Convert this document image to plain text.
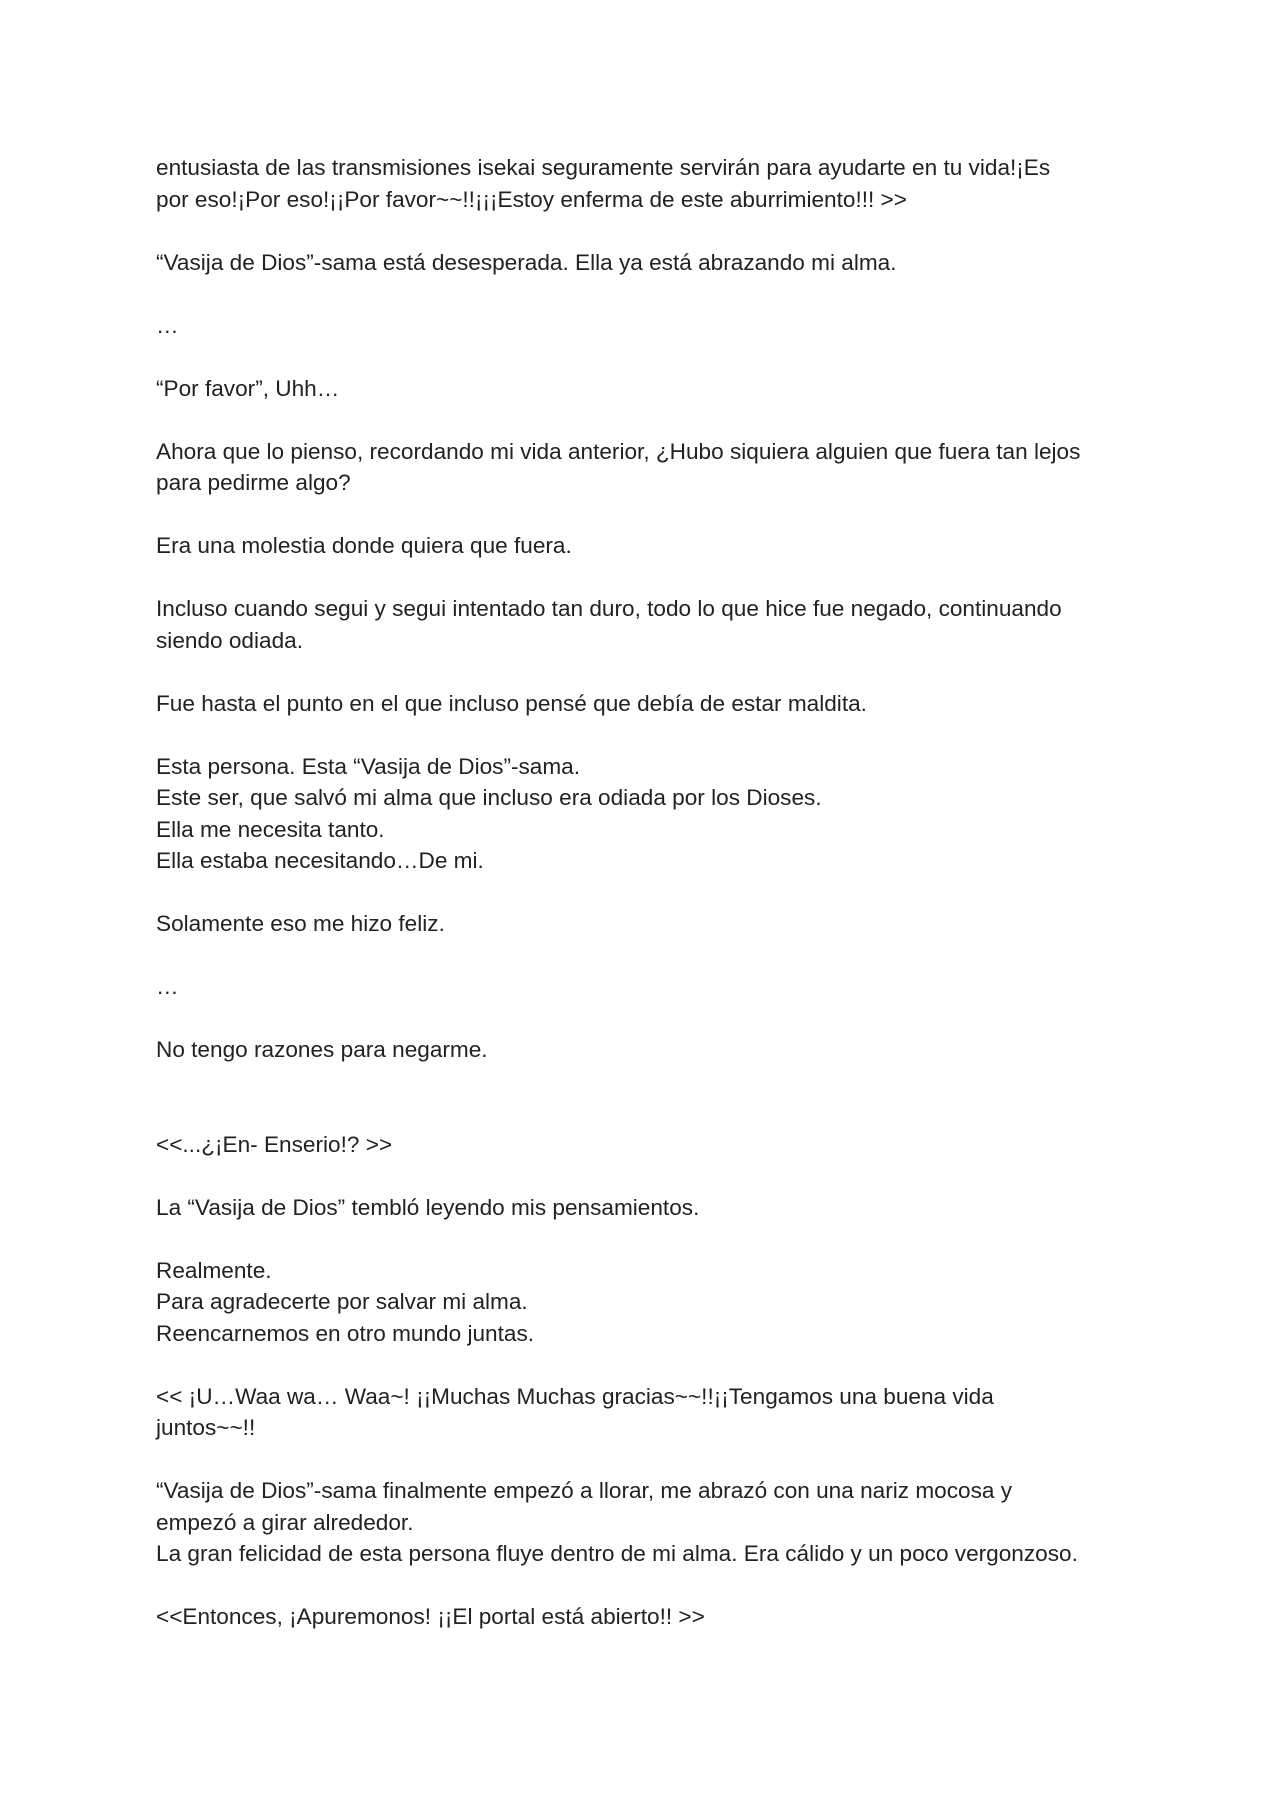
entusiasta de las transmisiones isekai seguramente servirán para ayudarte en tu vida!¡Es
por eso!¡Por eso!¡¡Por favor~~!!¡¡¡Estoy enferma de este aburrimiento!!! >>

“Vasija de Dios”-sama está desesperada. Ella ya está abrazando mi alma.

…

“Por favor”, Uhh…

Ahora que lo pienso, recordando mi vida anterior, ¿Hubo siquiera alguien que fuera tan lejos
para pedirme algo?

Era una molestia donde quiera que fuera.

Incluso cuando segui y segui intentado tan duro, todo lo que hice fue negado, continuando
siendo odiada.

Fue hasta el punto en el que incluso pensé que debía de estar maldita.

Esta persona. Esta “Vasija de Dios”-sama.
Este ser, que salvó mi alma que incluso era odiada por los Dioses.
Ella me necesita tanto.
Ella estaba necesitando…De mi.

Solamente eso me hizo feliz.

…

No tengo razones para negarme.

<<...¿¡En- Enserio!? >>

La “Vasija de Dios” tembló leyendo mis pensamientos.

Realmente.
Para agradecerte por salvar mi alma.
Reencarnemos en otro mundo juntas.

<< ¡U…Waa wa… Waa~! ¡¡Muchas Muchas gracias~~!!¡¡Tengamos una buena vida
juntos~~!!

“Vasija de Dios”-sama finalmente empezó a llorar, me abrazó con una nariz mocosa y
empezó a girar alrededor.
La gran felicidad de esta persona fluye dentro de mi alma. Era cálido y un poco vergonzoso.

<<Entonces, ¡Apuremonos! ¡¡El portal está abierto!! >>
